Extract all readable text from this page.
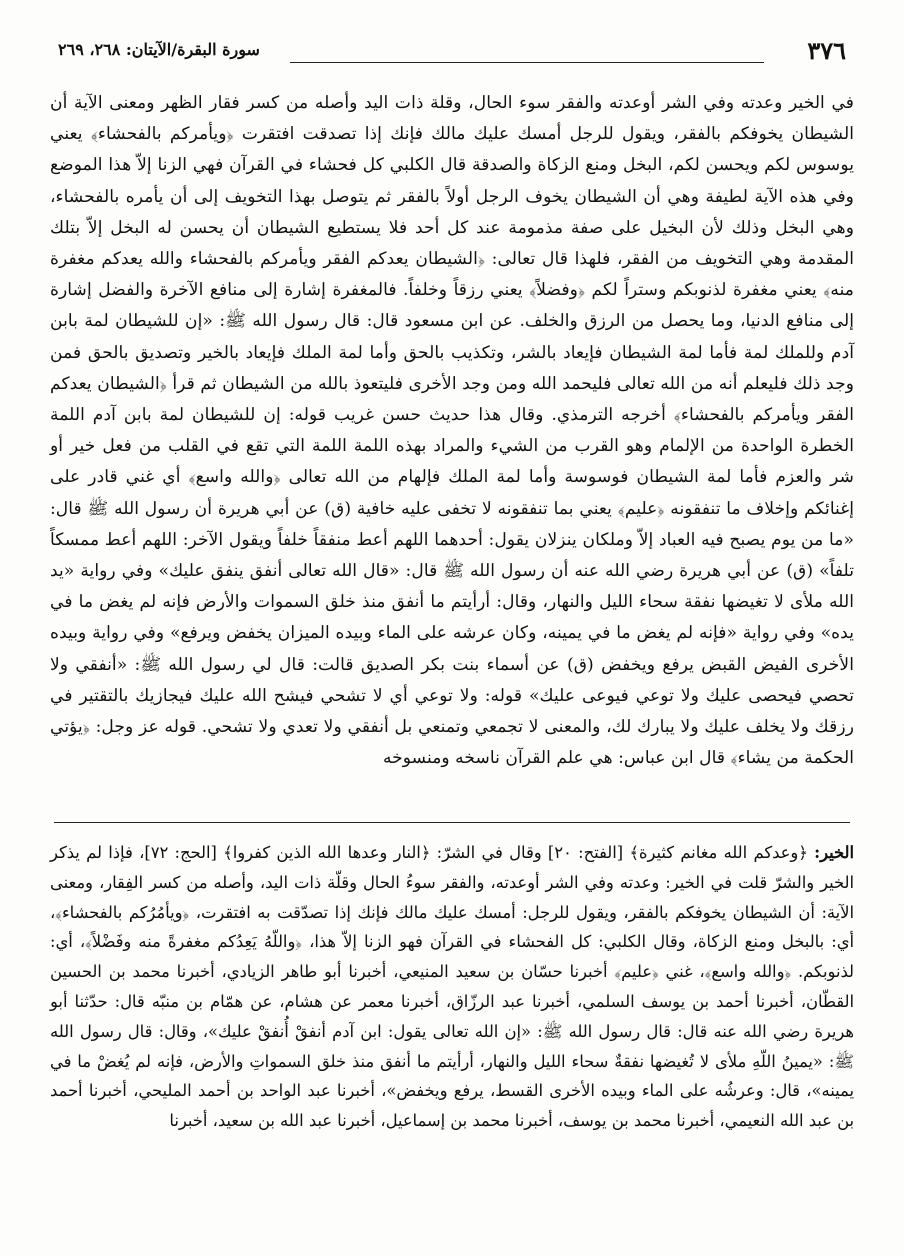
٣٧٦
سورة البقرة/الآيتان: ٢٦٨، ٢٦٩
في الخير وعدته وفي الشر أوعدته والفقر سوء الحال، وقلة ذات اليد وأصله من كسر فقار الظهر ومعنى الآية أن الشيطان يخوفكم بالفقر، ويقول للرجل أمسك عليك مالك فإنك إذا تصدقت افتقرت ﴿ويأمركم بالفحشاء﴾ يعني يوسوس لكم ويحسن لكم، البخل ومنع الزكاة والصدقة قال الكلبي كل فحشاء في القرآن فهي الزنا إلاّ هذا الموضع وفي هذه الآية لطيفة وهي أن الشيطان يخوف الرجل أولاً بالفقر ثم يتوصل بهذا التخويف إلى أن يأمره بالفحشاء، وهي البخل وذلك لأن البخيل على صفة مذمومة عند كل أحد فلا يستطيع الشيطان أن يحسن له البخل إلاّ بتلك المقدمة وهي التخويف من الفقر، فلهذا قال تعالى: ﴿الشيطان يعدكم الفقر ويأمركم بالفحشاء والله يعدكم مغفرة منه﴾ يعني مغفرة لذنوبكم وستراً لكم ﴿وفضلاً﴾ يعني رزقاً وخلفاً. فالمغفرة إشارة إلى منافع الآخرة والفضل إشارة إلى منافع الدنيا، وما يحصل من الرزق والخلف. عن ابن مسعود قال: قال رسول الله ﷺ: «إن للشيطان لمة بابن آدم وللملك لمة فأما لمة الشيطان فإيعاد بالشر، وتكذيب بالحق وأما لمة الملك فإيعاد بالخير وتصديق بالحق فمن وجد ذلك فليعلم أنه من الله تعالى فليحمد الله ومن وجد الأخرى فليتعوذ بالله من الشيطان ثم قرأ ﴿الشيطان يعدكم الفقر ويأمركم بالفحشاء﴾ أخرجه الترمذي. وقال هذا حديث حسن غريب قوله: إن للشيطان لمة بابن آدم اللمة الخطرة الواحدة من الإلمام وهو القرب من الشيء والمراد بهذه اللمة اللمة التي تقع في القلب من فعل خير أو شر والعزم فأما لمة الشيطان فوسوسة وأما لمة الملك فإلهام من الله تعالى ﴿والله واسع﴾ أي غني قادر على إغنائكم وإخلاف ما تنفقونه ﴿عليم﴾ يعني بما تنفقونه لا تخفى عليه خافية (ق) عن أبي هريرة أن رسول الله ﷺ قال: «ما من يوم يصبح فيه العباد إلاّ وملكان ينزلان يقول: أحدهما اللهم أعط منفقاً خلفاً ويقول الآخر: اللهم أعط ممسكاً تلفاً» (ق) عن أبي هريرة رضي الله عنه أن رسول الله ﷺ قال: «قال الله تعالى أنفق ينفق عليك» وفي رواية «يد الله ملأى لا تغيضها نفقة سحاء الليل والنهار، وقال: أرأيتم ما أنفق منذ خلق السموات والأرض فإنه لم يغض ما في يده» وفي رواية «فإنه لم يغض ما في يمينه، وكان عرشه على الماء وبيده الميزان يخفض ويرفع» وفي رواية وبيده الأخرى الفيض القبض يرفع ويخفض (ق) عن أسماء بنت بكر الصديق قالت: قال لي رسول الله ﷺ: «أنفقي ولا تحصي فيحصى عليك ولا توعي فيوعى عليك» قوله: ولا توعي أي لا تشحي فيشح الله عليك فيجازيك بالتقتير في رزقك ولا يخلف عليك ولا يبارك لك، والمعنى لا تجمعي وتمنعي بل أنفقي ولا تعدي ولا تشحي. قوله عز وجل: ﴿يؤتي الحكمة من يشاء﴾ قال ابن عباس: هي علم القرآن ناسخه ومنسوخه
الخير: ﴿وعدكم الله مغانم كثيرة﴾ [الفتح: ٢٠] وقال في الشرّ: ﴿النار وعدها الله الذين كفروا﴾ [الحج: ٧٢]، فإذا لم يذكر الخير والشرّ قلت في الخير: وعدته وفي الشر أوعدته، والفقر سوءُ الحال وقلّة ذات اليد، وأصله من كسر الفِقار، ومعنى الآية: أن الشيطان يخوفكم بالفقر، ويقول للرجل: أمسك عليك مالك فإنك إذا تصدّقت به افتقرت، ﴿ويأمُرُكم بالفحشاء﴾، أي: بالبخل ومنع الزكاة، وقال الكلبي: كل الفحشاء في القرآن فهو الزنا إلاّ هذا، ﴿واللّهُ يَعِدُكم مغفرةً منه وفَضْلاً﴾، أي: لذنوبكم. ﴿والله واسع﴾، غني ﴿عليم﴾ أخبرنا حسّان بن سعيد المنيعي، أخبرنا أبو طاهر الزيادي، أخبرنا محمد بن الحسين القطّان، أخبرنا أحمد بن يوسف السلمي، أخبرنا عبد الرزّاق، أخبرنا معمر عن هشام، عن همّام بن منبّه قال: حدّثنا أبو هريرة رضي الله عنه قال: قال رسول الله ﷺ: «إن الله تعالى يقول: ابن آدم أنفقْ أُنفقْ عليك»، وقال: قال رسول الله ﷺ: «يمينُ اللّهِ ملأى لا تُغيضها نفقةٌ سحاء الليل والنهار، أرأيتم ما أنفق منذ خلق السمواتِ والأرض، فإنه لم يُغضْ ما في يمينه»، قال: وعرشُه على الماء وبيده الأخرى القسط، يرفع ويخفض»، أخبرنا عبد الواحد بن أحمد المليحي، أخبرنا أحمد بن عبد الله النعيمي، أخبرنا محمد بن يوسف، أخبرنا محمد بن إسماعيل، أخبرنا عبد الله بن سعيد، أخبرنا
